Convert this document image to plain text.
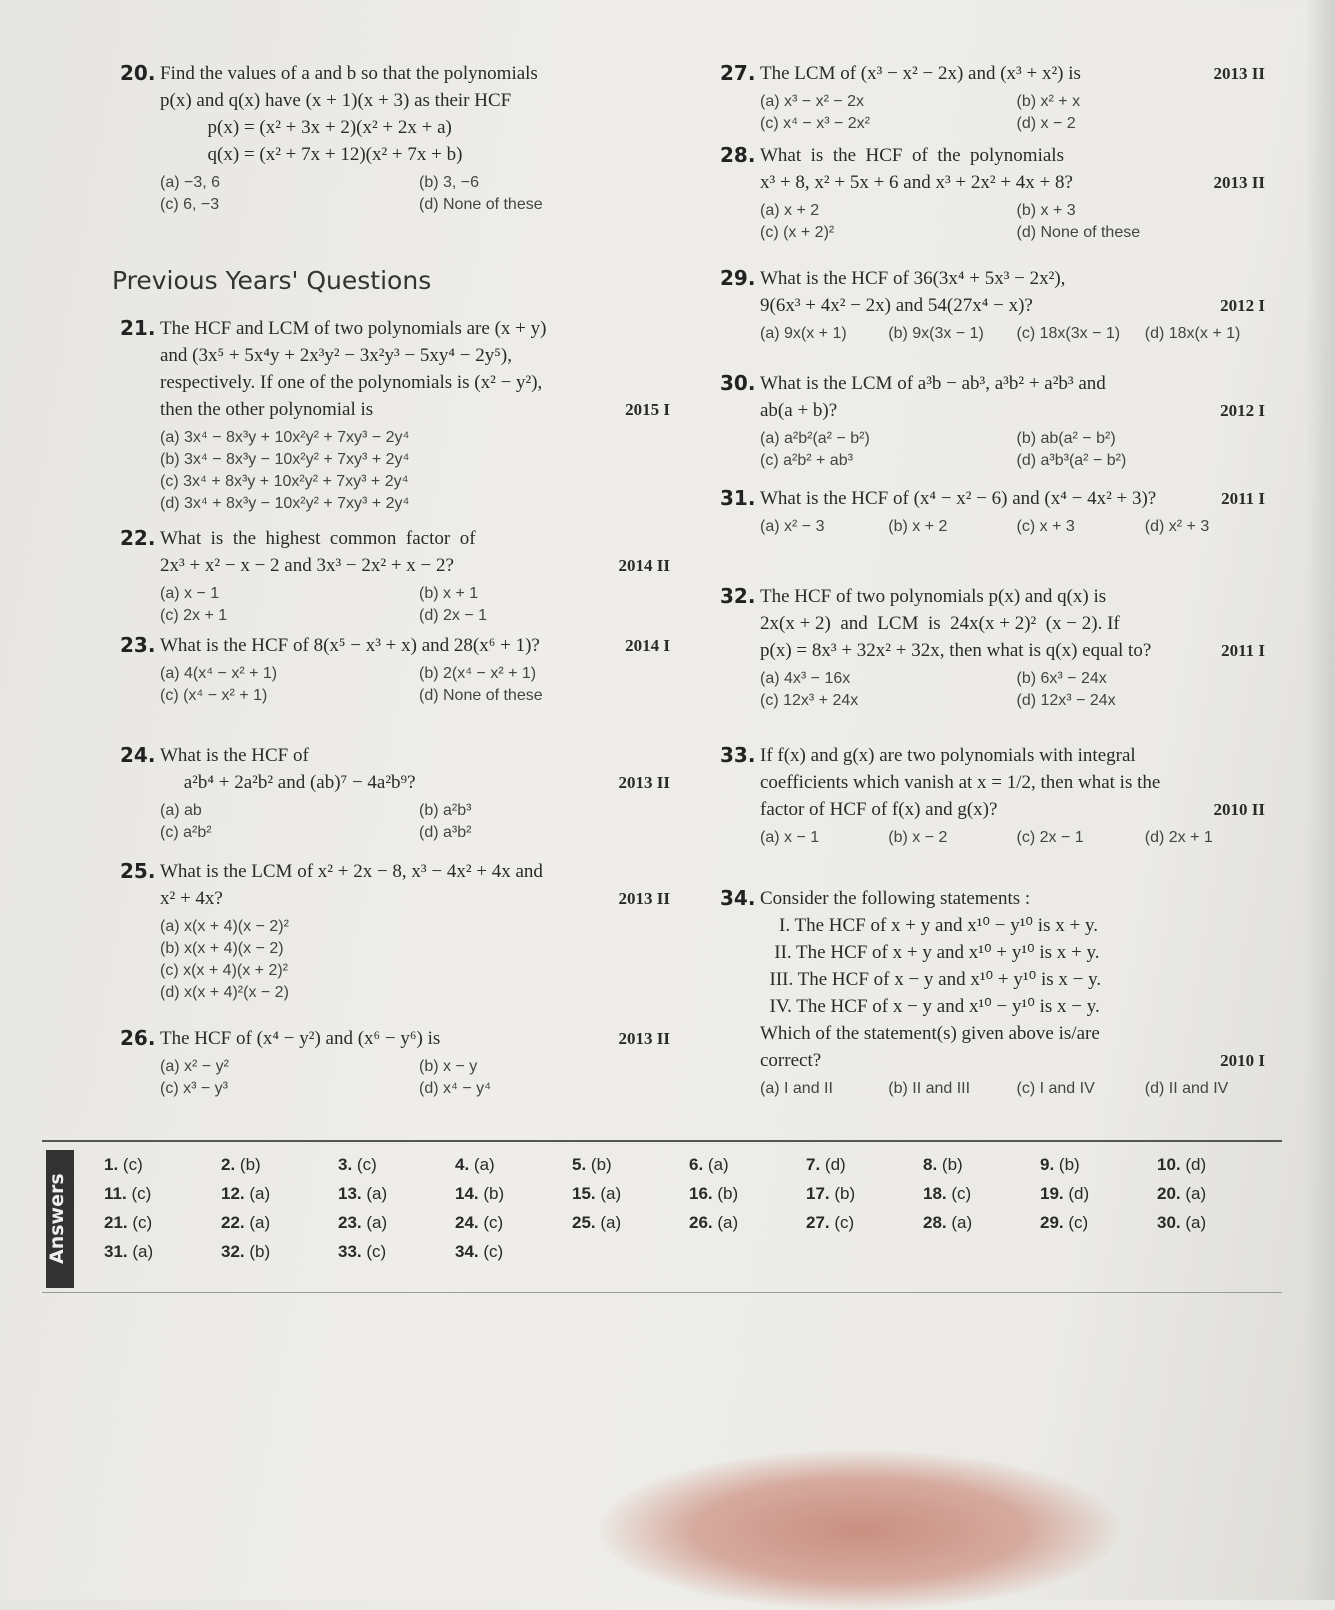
20. Find the values of a and b so that the polynomials
p(x) and q(x) have (x + 1)(x + 3) as their HCF
p(x) = (x² + 3x + 2)(x² + 2x + a)
q(x) = (x² + 7x + 12)(x² + 7x + b)
(a) −3, 6	(b) 3, −6
(c) 6, −3	(d) None of these
21. The HCF and LCM of two polynomials are (x + y)
and (3x⁵ + 5x⁴y + 2x³y² − 3x²y³ − 5xy⁴ − 2y⁵),
respectively. If one of the polynomials is (x² − y²),
2015 I
then the other polynomial is
(a) 3x⁴ − 8x³y + 10x²y² + 7xy³ − 2y⁴
(b) 3x⁴ − 8x³y − 10x²y² + 7xy³ + 2y⁴
(c) 3x⁴ + 8x³y + 10x²y² + 7xy³ + 2y⁴
(d) 3x⁴ + 8x³y − 10x²y² + 7xy³ + 2y⁴
22. What  is  the  highest  common  factor  of
2014 II
2x³ + x² − x − 2 and 3x³ − 2x² + x − 2?
(a) x − 1	(b) x + 1
(c) 2x + 1	(d) 2x − 1
23.	2014 I
What is the HCF of 8(x⁵ − x³ + x) and 28(x⁶ + 1)?
(a) 4(x⁴ − x² + 1)	(b) 2(x⁴ − x² + 1)
(c) (x⁴ − x² + 1)	(d) None of these
24. What is the HCF of
2013 II
a²b⁴ + 2a²b² and (ab)⁷ − 4a²b⁹?
(a) ab	(b) a²b³
(c) a²b²	(d) a³b²
25. What is the LCM of x² + 2x − 8, x³ − 4x² + 4x and
2013 II
x² + 4x?
(a) x(x + 4)(x − 2)²
(b) x(x + 4)(x − 2)
(c) x(x + 4)(x + 2)²
(d) x(x + 4)²(x − 2)
26.	2013 II
The HCF of (x⁴ − y²) and (x⁶ − y⁶) is
(a) x² − y²	(b) x − y
(c) x³ − y³	(d) x⁴ − y⁴
Previous Years' Questions
27.	2013 II
The LCM of (x³ − x² − 2x) and (x³ + x²) is
(a) x³ − x² − 2x	(b) x² + x
(c) x⁴ − x³ − 2x²	(d) x − 2
28. What  is  the  HCF  of  the  polynomials
2013 II
x³ + 8, x² + 5x + 6 and x³ + 2x² + 4x + 8?
(a) x + 2	(b) x + 3
(c) (x + 2)²	(d) None of these
29. What is the HCF of 36(3x⁴ + 5x³ − 2x²),
2012 I
9(6x³ + 4x² − 2x) and 54(27x⁴ − x)?
(a) 9x(x + 1)	(b) 9x(3x − 1)	(c) 18x(3x − 1)	(d) 18x(x + 1)
30. What is the LCM of a³b − ab³, a³b² + a²b³ and
2012 I
ab(a + b)?
(a) a²b²(a² − b²)	(b) ab(a² − b²)
(c) a²b² + ab³	(d) a³b³(a² − b²)
31.	2011 I
What is the HCF of (x⁴ − x² − 6) and (x⁴ − 4x² + 3)?
(a) x² − 3	(b) x + 2	(c) x + 3	(d) x² + 3
32. The HCF of two polynomials p(x) and q(x) is
2x(x + 2)  and  LCM  is  24x(x + 2)²  (x − 2). If
2011 I
p(x) = 8x³ + 32x² + 32x, then what is q(x) equal to?
(a) 4x³ − 16x	(b) 6x³ − 24x
(c) 12x³ + 24x	(d) 12x³ − 24x
33. If f(x) and g(x) are two polynomials with integral
coefficients which vanish at x = 1/2, then what is the
2010 II
factor of HCF of f(x) and g(x)?
(a) x − 1	(b) x − 2	(c) 2x − 1	(d) 2x + 1
34. Consider the following statements :
I. The HCF of x + y and x¹⁰ − y¹⁰ is x + y.
II. The HCF of x + y and x¹⁰ + y¹⁰ is x + y.
III. The HCF of x − y and x¹⁰ + y¹⁰ is x − y.
IV. The HCF of x − y and x¹⁰ − y¹⁰ is x − y.
Which of the statement(s) given above is/are
2010 I
correct?
(a) I and II	(b) II and III	(c) I and IV	(d) II and IV
Answers
1. (c)	2. (b)	3. (c)	4. (a)	5. (b)	6. (a)	7. (d)	8. (b)	9. (b)	10. (d)
11. (c)	12. (a)	13. (a)	14. (b)	15. (a)	16. (b)	17. (b)	18. (c)	19. (d)	20. (a)
21. (c)	22. (a)	23. (a)	24. (c)	25. (a)	26. (a)	27. (c)	28. (a)	29. (c)	30. (a)
31. (a)	32. (b)	33. (c)	34. (c)
